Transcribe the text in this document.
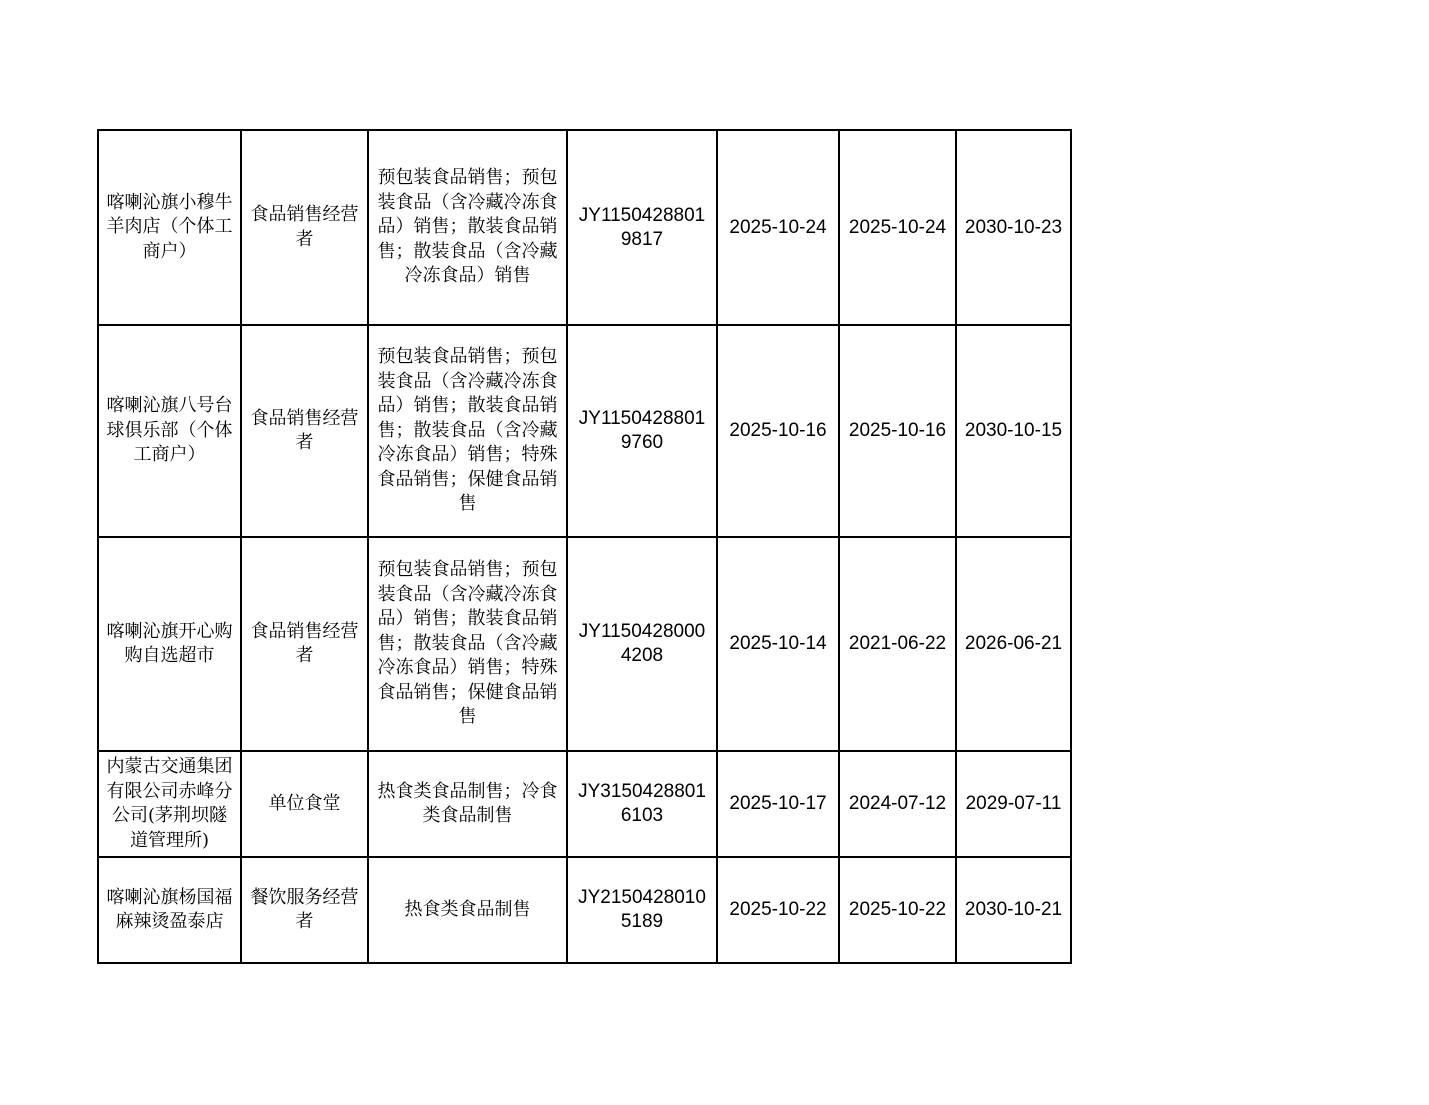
喀喇沁旗小穆牛羊肉店（个体工商户）	食品销售经营者	预包装食品销售；预包装食品（含冷藏冷冻食品）销售；散装食品销售；散装食品（含冷藏冷冻食品）销售	JY11504288019817	2025-10-24	2025-10-24	2030-10-23
喀喇沁旗八号台球俱乐部（个体工商户）	食品销售经营者	预包装食品销售；预包装食品（含冷藏冷冻食品）销售；散装食品销售；散装食品（含冷藏冷冻食品）销售；特殊食品销售；保健食品销售	JY11504288019760	2025-10-16	2025-10-16	2030-10-15
喀喇沁旗开心购购自选超市	食品销售经营者	预包装食品销售；预包装食品（含冷藏冷冻食品）销售；散装食品销售；散装食品（含冷藏冷冻食品）销售；特殊食品销售；保健食品销售	JY11504280004208	2025-10-14	2021-06-22	2026-06-21
内蒙古交通集团有限公司赤峰分公司(茅荆坝隧道管理所)	单位食堂	热食类食品制售；冷食类食品制售	JY31504288016103	2025-10-17	2024-07-12	2029-07-11
喀喇沁旗杨国福麻辣烫盈泰店	餐饮服务经营者	热食类食品制售	JY21504280105189	2025-10-22	2025-10-22	2030-10-21
